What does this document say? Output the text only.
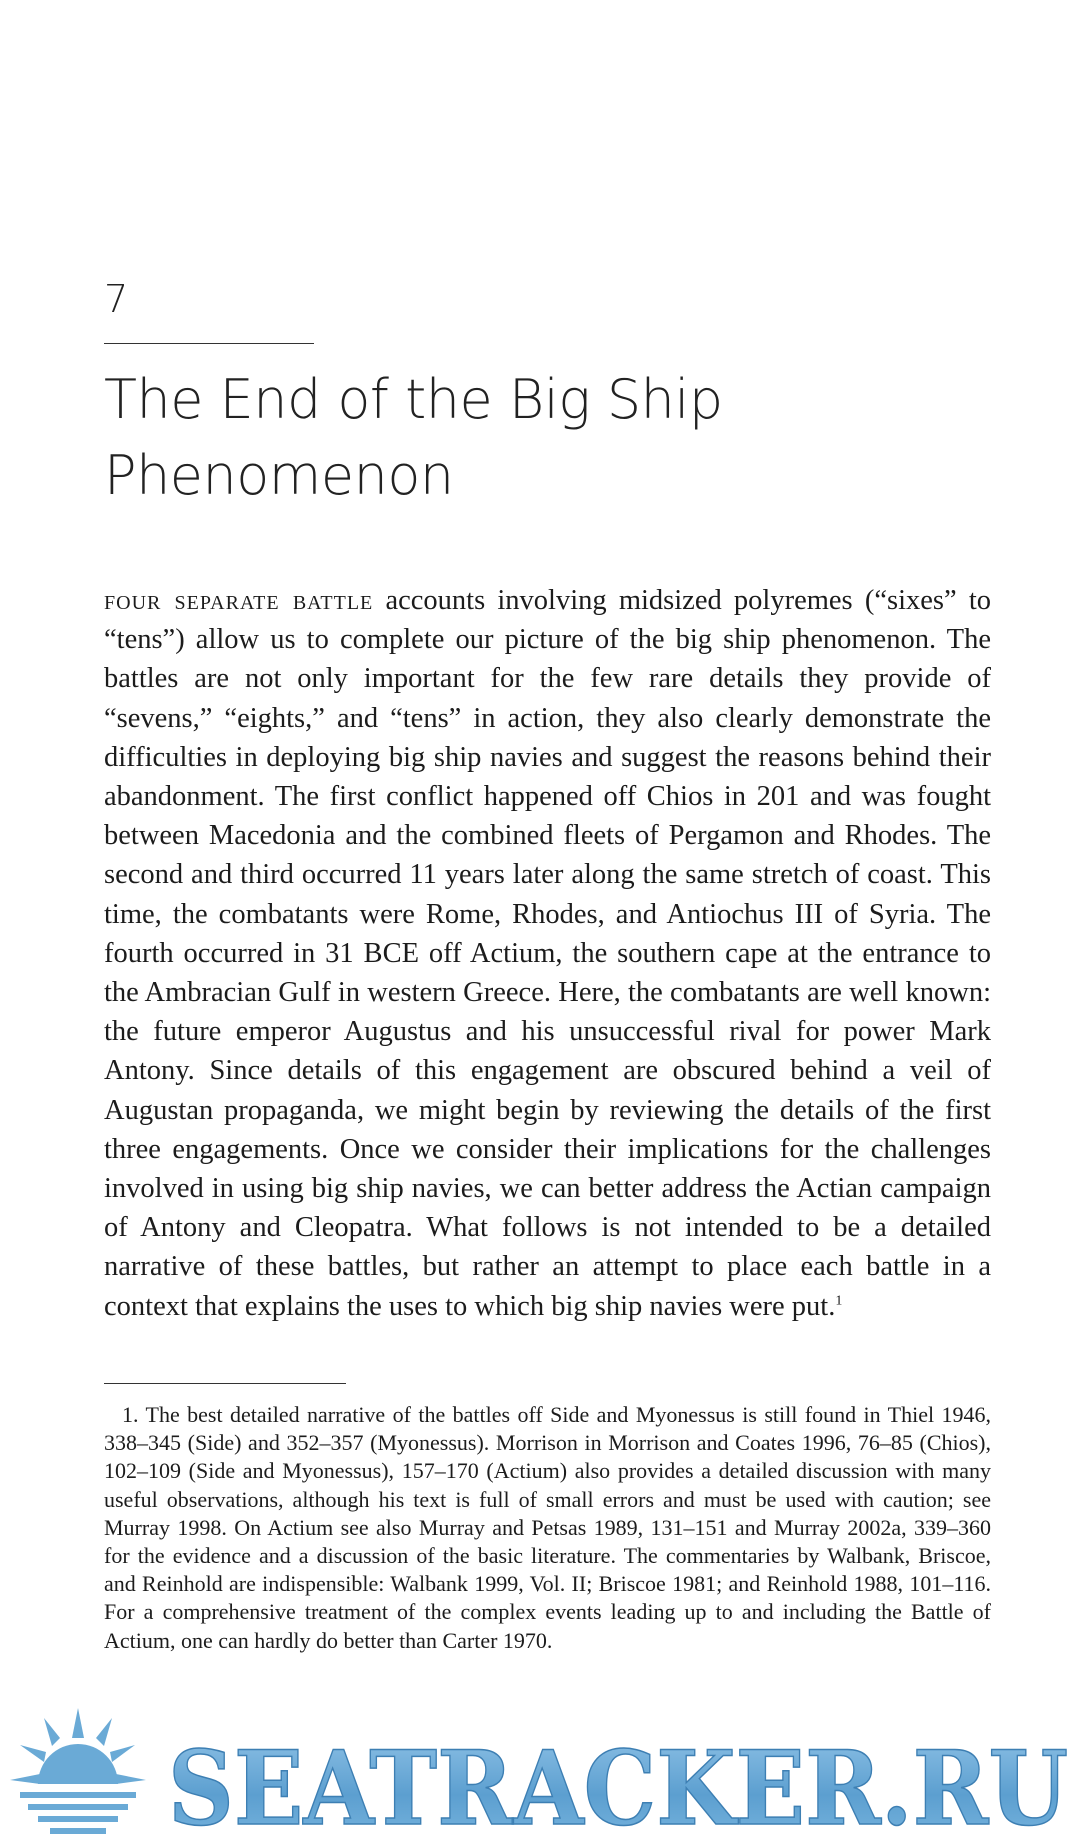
7
The End of the Big Ship
Phenomenon

four separate battle accounts involving midsized polyremes (“sixes” to “tens”) allow us to complete our picture of the big ship phenomenon. The battles are not only important for the few rare details they provide of “sevens,” “eights,” and “tens” in action, they also clearly demonstrate the difficulties in deploying big ship navies and suggest the reasons behind their abandonment. The first conflict happened off Chios in 201 and was fought between Macedonia and the combined fleets of Pergamon and Rhodes. The second and third occurred 11 years later along the same stretch of coast. This time, the combatants were Rome, Rhodes, and Antiochus III of Syria. The fourth occurred in 31 BCE off Actium, the southern cape at the entrance to the Ambracian Gulf in western Greece. Here, the combatants are well known: the future emperor Augustus and his unsuccessful rival for power Mark Antony. Since details of this engagement are obscured behind a veil of Augustan propaganda, we might begin by reviewing the details of the first three engagements. Once we consider their implications for the challenges involved in using big ship navies, we can better address the Actian campaign of Antony and Cleopatra. What follows is not intended to be a detailed narrative of these battles, but rather an attempt to place each battle in a context that explains the uses to which big ship navies were put.$^1$

1. The best detailed narrative of the battles off Side and Myonessus is still found in Thiel 1946, 338–345 (Side) and 352–357 (Myonessus). Morrison in Morrison and Coates 1996, 76–85 (Chios), 102–109 (Side and Myonessus), 157–170 (Actium) also provides a detailed discussion with many useful observations, although his text is full of small errors and must be used with caution; see Murray 1998. On Actium see also Murray and Petsas 1989, 131–151 and Murray 2002a, 339–360 for the evidence and a discussion of the basic literature. The commentaries by Walbank, Briscoe, and Reinhold are indispensible: Walbank 1999, Vol. II; Briscoe 1981; and Reinhold 1988, 101–116. For a comprehensive treatment of the complex events leading up to and including the Battle of Actium, one can hardly do better than Carter 1970.

SEATRACKER.RU
